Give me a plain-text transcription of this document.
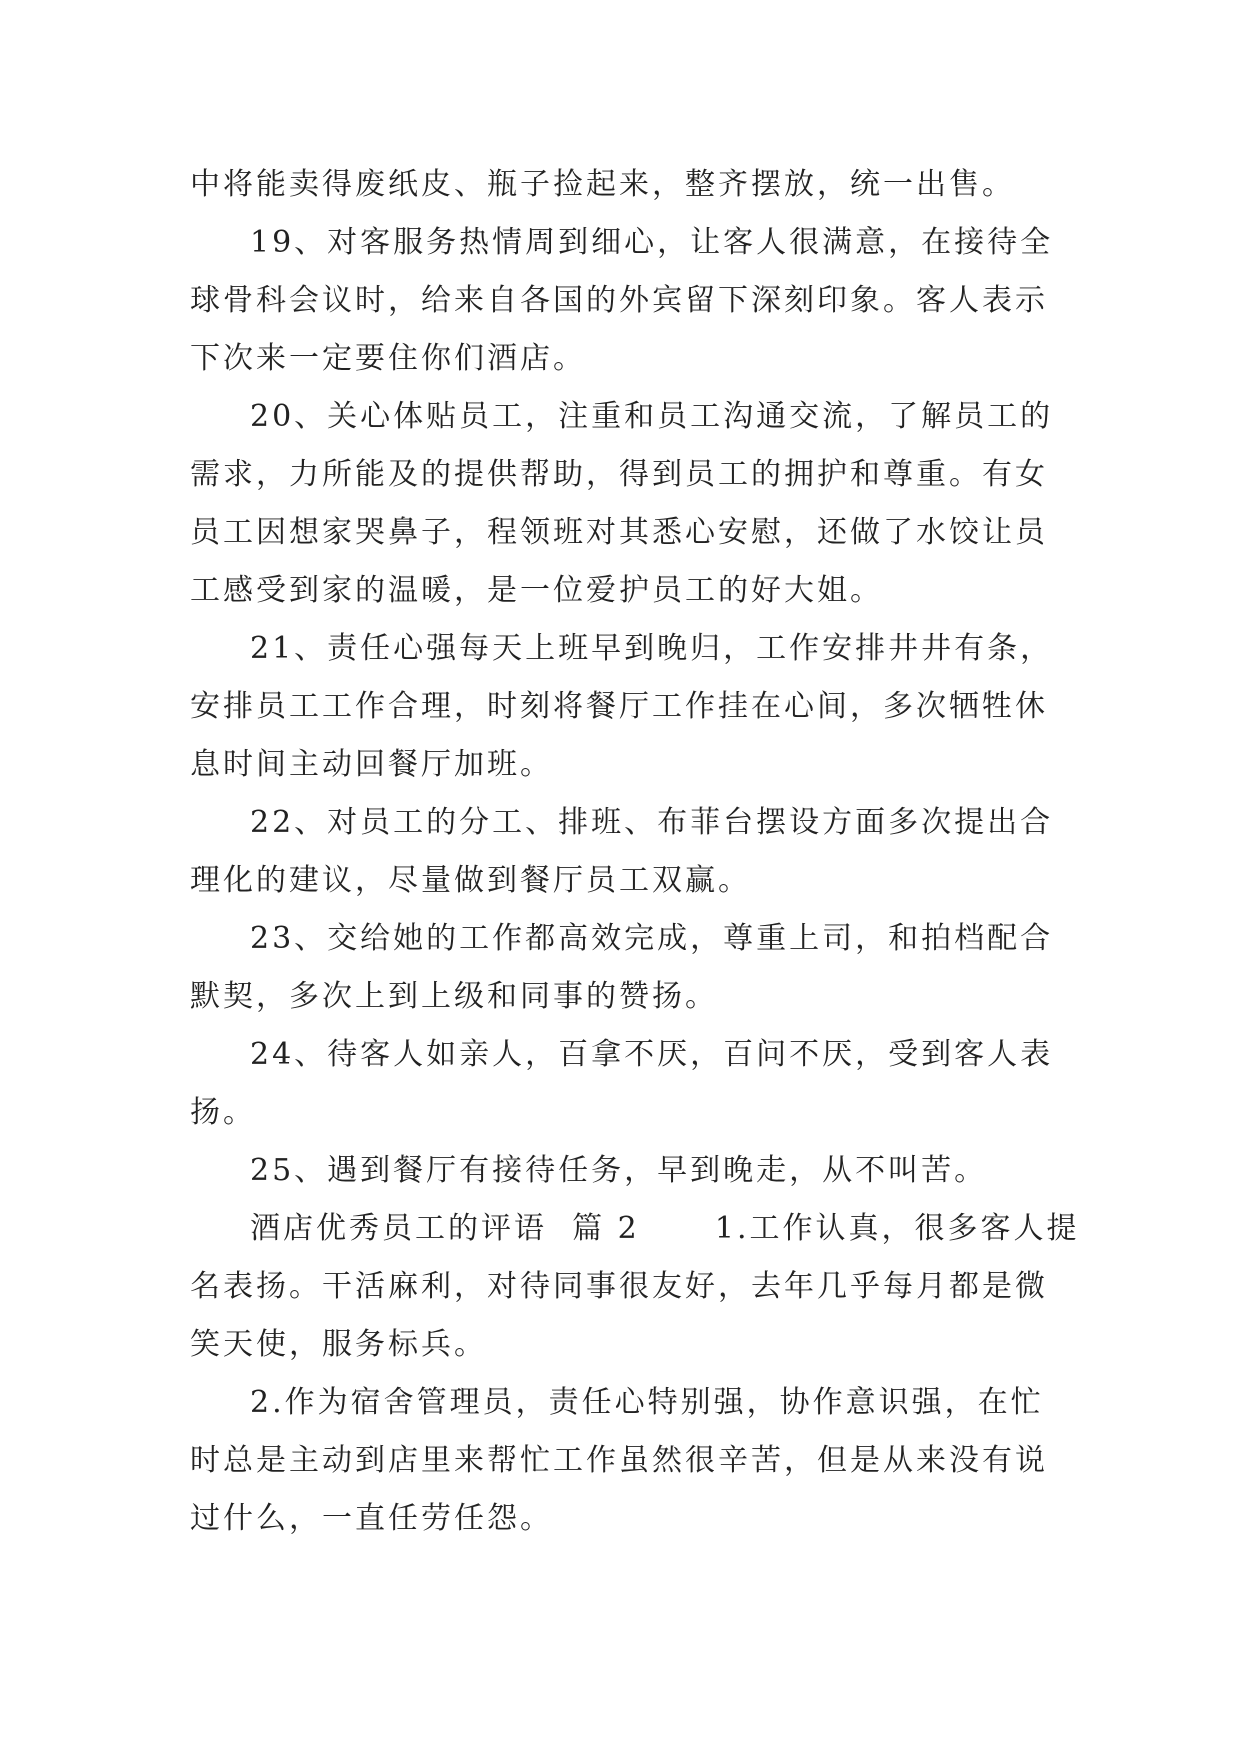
中将能卖得废纸皮、瓶子捡起来，整齐摆放，统一出售。
19、对客服务热情周到细心，让客人很满意，在接待全
球骨科会议时，给来自各国的外宾留下深刻印象。客人表示
下次来一定要住你们酒店。
20、关心体贴员工，注重和员工沟通交流，了解员工的
需求，力所能及的提供帮助，得到员工的拥护和尊重。有女
员工因想家哭鼻子，程领班对其悉心安慰，还做了水饺让员
工感受到家的温暖，是一位爱护员工的好大姐。
21、责任心强每天上班早到晚归，工作安排井井有条，
安排员工工作合理，时刻将餐厅工作挂在心间，多次牺牲休
息时间主动回餐厅加班。
22、对员工的分工、排班、布菲台摆设方面多次提出合
理化的建议，尽量做到餐厅员工双赢。
23、交给她的工作都高效完成，尊重上司，和拍档配合
默契，多次上到上级和同事的赞扬。
24、待客人如亲人，百拿不厌，百问不厌，受到客人表
扬。
25、遇到餐厅有接待任务，早到晚走，从不叫苦。
酒店优秀员工的评语  篇 2      1.工作认真，很多客人提
名表扬。干活麻利，对待同事很友好，去年几乎每月都是微
笑天使，服务标兵。
2.作为宿舍管理员，责任心特别强，协作意识强，在忙
时总是主动到店里来帮忙工作虽然很辛苦，但是从来没有说
过什么，一直任劳任怨。
